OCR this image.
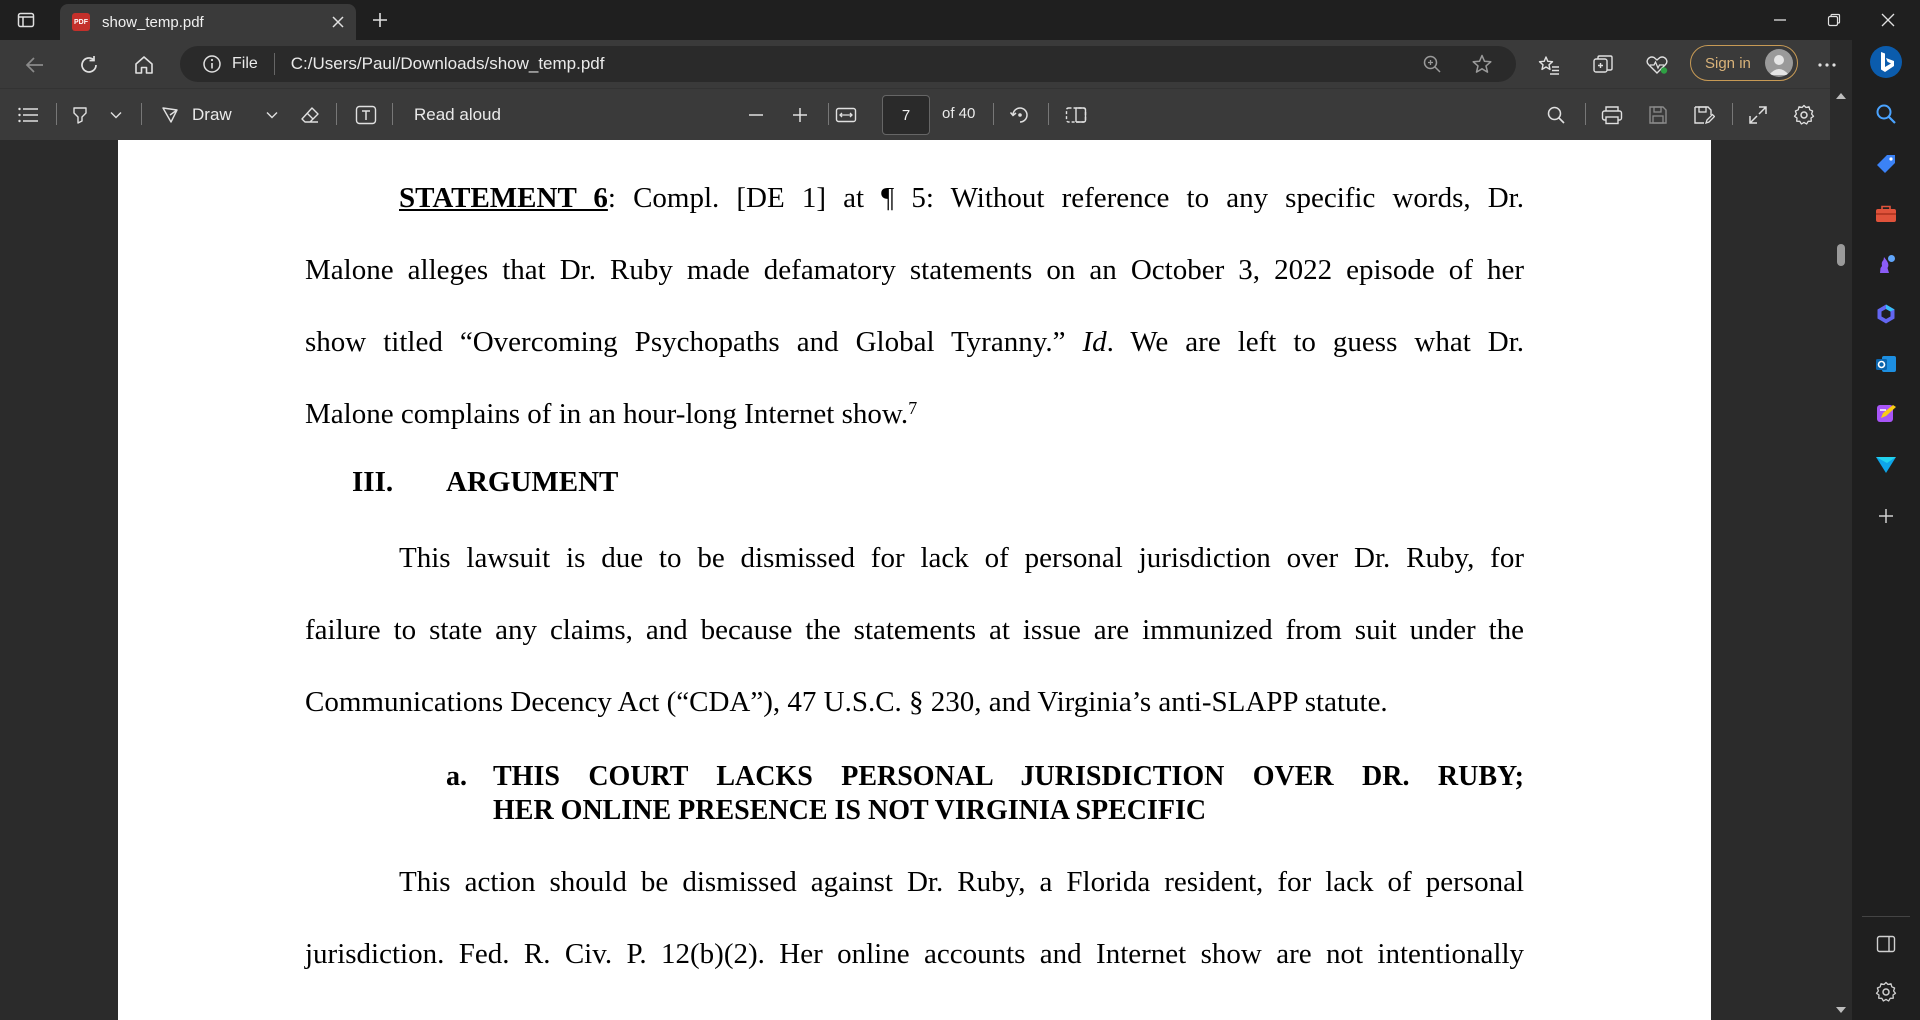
PDF show_temp.pdf
File	C:/Users/Paul/Downloads/show_temp.pdf	Sign in
Draw	Read aloud
7	of 40
STATEMENT 6: Compl. [DE 1] at ¶ 5: Without reference to any specific words, Dr.
Malone alleges that Dr. Ruby made defamatory statements on an October 3, 2022 episode of her
show titled “Overcoming Psychopaths and Global Tyranny.” Id. We are left to guess what Dr.
Malone complains of in an hour-long Internet show.$^7$
III. ARGUMENT
This lawsuit is due to be dismissed for lack of personal jurisdiction over Dr. Ruby, for
failure to state any claims, and because the statements at issue are immunized from suit under the
Communications Decency Act (“CDA”), 47 U.S.C. § 230, and Virginia’s anti-SLAPP statute.
a. THIS COURT LACKS PERSONAL JURISDICTION OVER DR. RUBY;
HER ONLINE PRESENCE IS NOT VIRGINIA SPECIFIC
This action should be dismissed against Dr. Ruby, a Florida resident, for lack of personal
jurisdiction. Fed. R. Civ. P. 12(b)(2). Her online accounts and Internet show are not intentionally
